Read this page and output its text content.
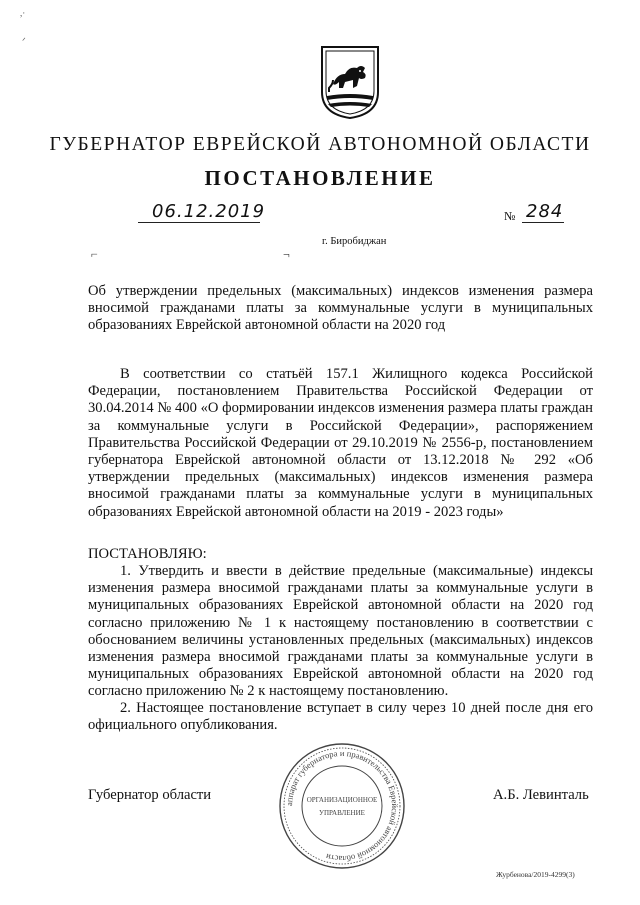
,·
ᐟ
ГУБЕРНАТОР ЕВРЕЙСКОЙ АВТОНОМНОЙ ОБЛАСТИ
ПОСТАНОВЛЕНИЕ
06.12.2019	№ 284
г. Биробиджан
⌐	¬
Об утверждении предельных (максимальных) индексов изменения размера вносимой гражданами платы за коммунальные услуги в муниципальных образованиях Еврейской автономной области на 2020 год
В соответствии со статьёй 157.1 Жилищного кодекса Российской Федерации, постановлением Правительства Российской Федерации от 30.04.2014 № 400 «О формировании индексов изменения размера платы граждан за коммунальные услуги в Российской Федерации», распоряжением Правительства Российской Федерации от 29.10.2019 № 2556-р, постановлением губернатора Еврейской автономной области от 13.12.2018 № 292 «Об утверждении предельных (максимальных) индексов изменения размера вносимой гражданами платы за коммунальные услуги в муниципальных образованиях Еврейской автономной области на 2019 - 2023 годы»
ПОСТАНОВЛЯЮ:
1. Утвердить и ввести в действие предельные (максимальные) индексы изменения размера вносимой гражданами платы за коммунальные услуги в муниципальных образованиях Еврейской автономной области на 2020 год согласно приложению № 1 к настоящему постановлению в соответствии с обоснованием величины установленных предельных (максимальных) индексов изменения размера вносимой гражданами платы за коммунальные услуги в муниципальных образованиях Еврейской автономной области на 2020 год согласно приложению № 2 к настоящему постановлению.
2. Настоящее постановление вступает в силу через 10 дней после дня его официального опубликования.
Губернатор области	А.Б. Левинталь
аппарат губернатора и правительства Еврейской автономной области
ОРГАНИЗАЦИОННОЕ
УПРАВЛЕНИЕ
Журбенова/2019-4299(3)
